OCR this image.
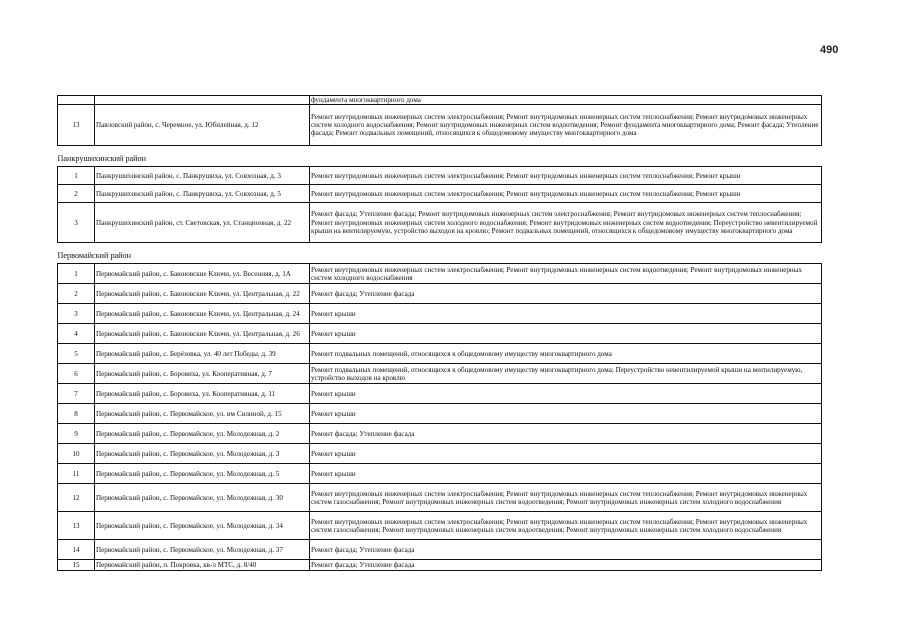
490
		фундамента многоквартирного дома
13	Павловский район, с. Черемное, ул. Юбилейная, д. 12	Ремонт внутридомовых инженерных систем электроснабжения; Ремонт внутридомовых инженерных систем теплоснабжения; Ремонт внутридомовых инженерных систем холодного водоснабжения; Ремонт внутридомовых инженерных систем водоотведения; Ремонт фундамента многоквартирного дома; Ремонт фасада; Утепление фасада; Ремонт подвальных помещений, относящихся к общедомовому имуществу многоквартирного дома
Панкрушихинский район		
1	Панкрушихинский район, с. Панкрушиха, ул. Совхозная, д. 3	Ремонт внутридомовых инженерных систем электроснабжения; Ремонт внутридомовых инженерных систем теплоснабжения; Ремонт крыши
2	Панкрушихинский район, с. Панкрушиха, ул. Совхозная, д. 5	Ремонт внутридомовых инженерных систем электроснабжения; Ремонт внутридомовых инженерных систем теплоснабжения; Ремонт крыши
3	Панкрушихинский район, ст. Световская, ул. Станционная, д. 22	Ремонт фасада; Утепление фасада; Ремонт внутридомовых инженерных систем электроснабжения; Ремонт внутридомовых инженерных систем теплоснабжения; Ремонт внутридомовых инженерных систем холодного водоснабжения; Ремонт внутридомовых инженерных систем водоотведения; Переустройство невентилируемой крыши на вентилируемую, устройство выходов на кровлю; Ремонт подвальных помещений, относящихся к общедомовому имуществу многоквартирного дома
Первомайский район		
1	Первомайский район, с. Баюновские Ключи, ул. Весенняя, д. 1А	Ремонт внутридомовых инженерных систем электроснабжения; Ремонт внутридомовых инженерных систем водоотведения; Ремонт внутридомовых инженерных систем холодного водоснабжения
2	Первомайский район, с. Баюновские Ключи, ул. Центральная, д. 22	Ремонт фасада; Утепление фасада
3	Первомайский район, с. Баюновские Ключи, ул. Центральная, д. 24	Ремонт крыши
4	Первомайский район, с. Баюновские Ключи, ул. Центральная, д. 26	Ремонт крыши
5	Первомайский район, с. Берёзовка, ул. 40 лет Победы, д. 39	Ремонт подвальных помещений, относящихся к общедомовому имуществу многоквартирного дома
6	Первомайский район, с. Боровиха, ул. Кооперативная, д. 7	Ремонт подвальных помещений, относящихся к общедомовому имуществу многоквартирного дома; Переустройство невентилируемой крыши на вентилируемую, устройство выходов на кровлю
7	Первомайский район, с. Боровиха, ул. Кооперативная, д. 11	Ремонт крыши
8	Первомайский район, с. Первомайское, ул. им Силиной, д. 15	Ремонт крыши
9	Первомайский район, с. Первомайское, ул. Молодежная, д. 2	Ремонт фасада; Утепление фасада
10	Первомайский район, с. Первомайское, ул. Молодежная, д. 3	Ремонт крыши
11	Первомайский район, с. Первомайское, ул. Молодежная, д. 5	Ремонт крыши
12	Первомайский район, с. Первомайское, ул. Молодежная, д. 30	Ремонт внутридомовых инженерных систем электроснабжения; Ремонт внутридомовых инженерных систем теплоснабжения; Ремонт внутридомовых инженерных систем газоснабжения; Ремонт внутридомовых инженерных систем водоотведения; Ремонт внутридомовых инженерных систем холодного водоснабжения
13	Первомайский район, с. Первомайское, ул. Молодежная, д. 34	Ремонт внутридомовых инженерных систем электроснабжения; Ремонт внутридомовых инженерных систем теплоснабжения; Ремонт внутридомовых инженерных систем газоснабжения; Ремонт внутридомовых инженерных систем водоотведения; Ремонт внутридомовых инженерных систем холодного водоснабжения
14	Первомайский район, с. Первомайское, ул. Молодежная, д. 37	Ремонт фасада; Утепление фасада
15	Первомайский район, п. Покровка, кв-л МТС, д. 8/40	Ремонт фасада; Утепление фасада
